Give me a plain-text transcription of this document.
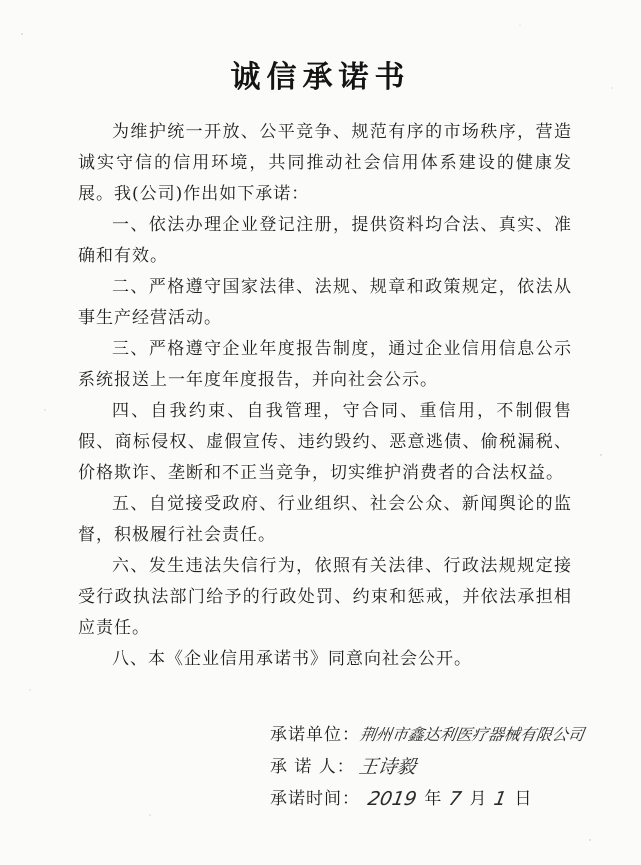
诚信承诺书

为维护统一开放、公平竞争、规范有序的市场秩序，营造诚实守信的信用环境，共同推动社会信用体系建设的健康发展。我(公司)作出如下承诺：

一、依法办理企业登记注册，提供资料均合法、真实、准确和有效。

二、严格遵守国家法律、法规、规章和政策规定，依法从事生产经营活动。

三、严格遵守企业年度报告制度，通过企业信用信息公示系统报送上一年度年度报告，并向社会公示。

四、自我约束、自我管理，守合同、重信用，不制假售假、商标侵权、虚假宣传、违约毁约、恶意逃债、偷税漏税、价格欺诈、垄断和不正当竞争，切实维护消费者的合法权益。

五、自觉接受政府、行业组织、社会公众、新闻舆论的监督，积极履行社会责任。

六、发生违法失信行为，依照有关法律、行政法规规定接受行政执法部门给予的行政处罚、约束和惩戒，并依法承担相应责任。

八、本《企业信用承诺书》同意向社会公开。

承诺单位：荆州市鑫达利医疗器械有限公司
承 诺 人： 王诗毅
承诺时间： 2019 年 7 月 1 日
